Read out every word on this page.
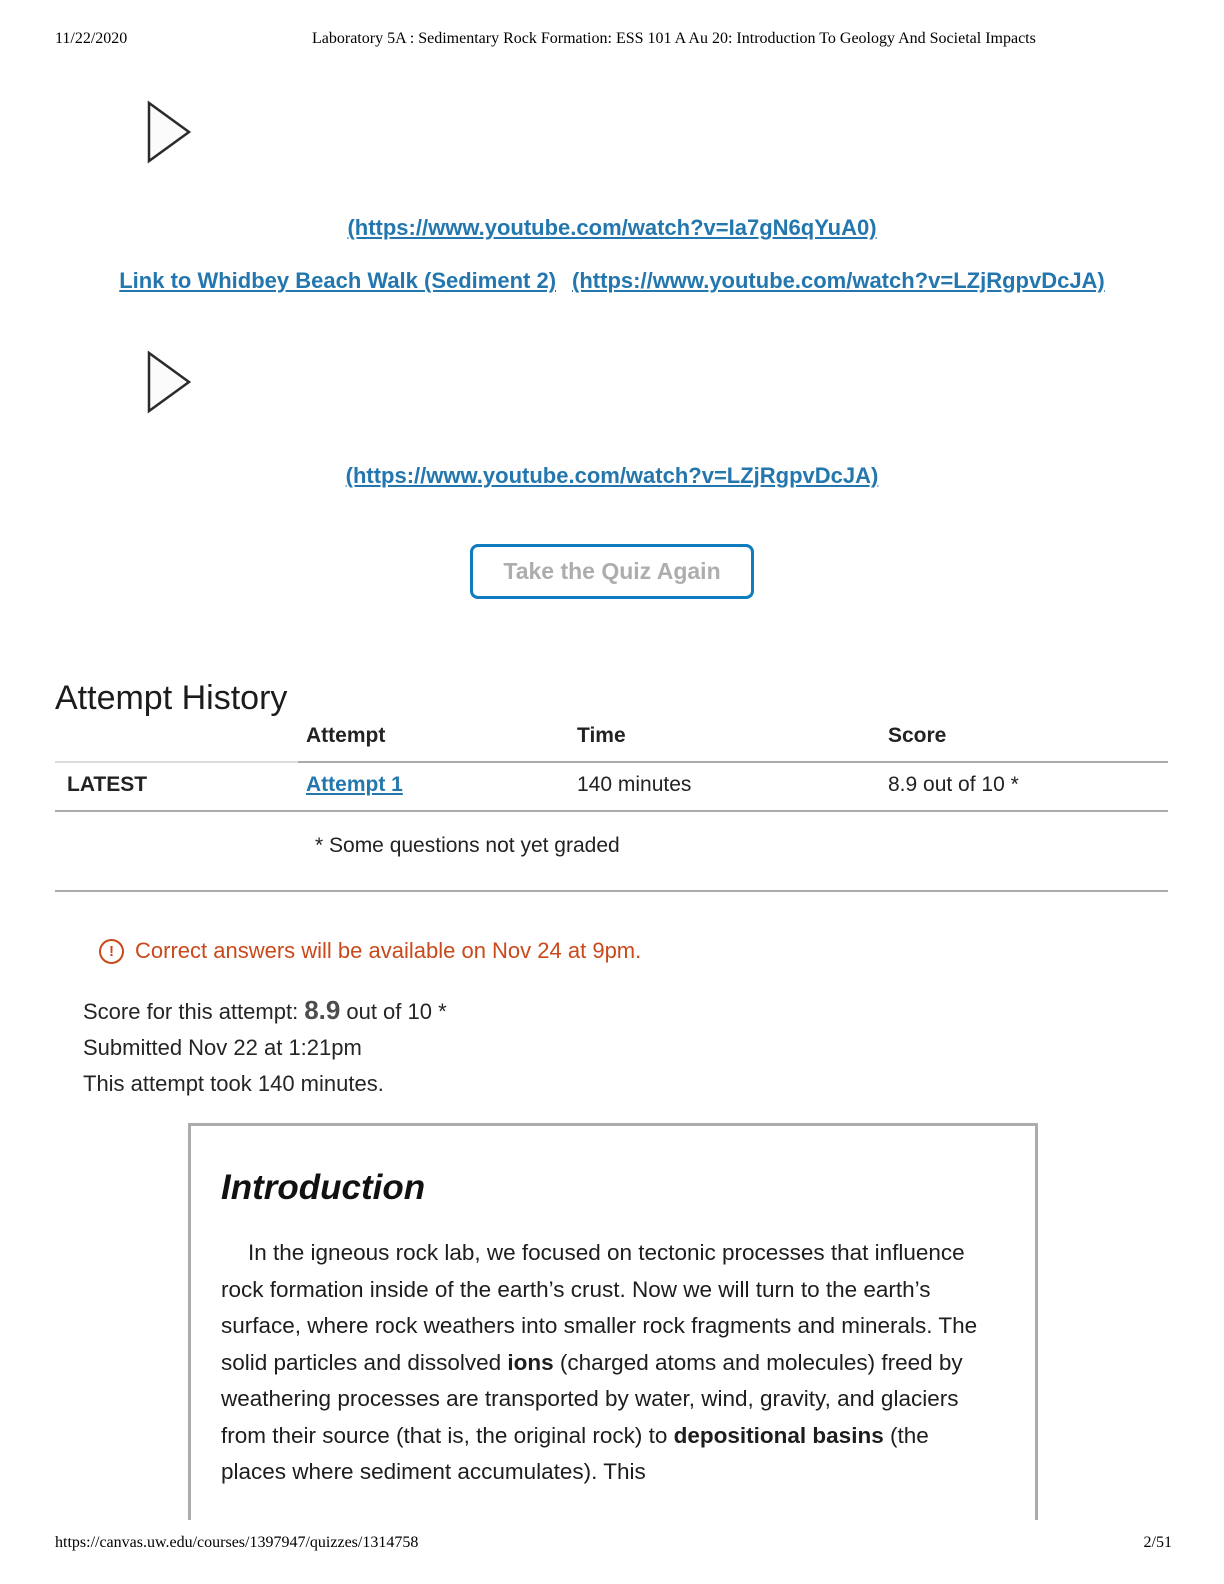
11/22/2020	Laboratory 5A : Sedimentary Rock Formation: ESS 101 A Au 20: Introduction To Geology And Societal Impacts
(https://www.youtube.com/watch?v=Ia7gN6qYuA0)
Link to Whidbey Beach Walk (Sediment 2) (https://www.youtube.com/watch?v=LZjRgpvDcJA)
(https://www.youtube.com/watch?v=LZjRgpvDcJA)
Take the Quiz Again
Attempt History
	Attempt	Time	Score
LATEST	Attempt 1	140 minutes	8.9 out of 10 *
* Some questions not yet graded			
! Correct answers will be available on Nov 24 at 9pm.
Score for this attempt: 8.9 out of 10 *
Submitted Nov 22 at 1:21pm
This attempt took 140 minutes.
Introduction

In the igneous rock lab, we focused on tectonic processes that influence rock formation inside of the earth’s crust. Now we will turn to the earth’s surface, where rock weathers into smaller rock fragments and minerals. The solid particles and dissolved ions (charged atoms and molecules) freed by weathering processes are transported by water, wind, gravity, and glaciers from their source (that is, the original rock) to depositional basins (the places where sediment accumulates). This

https://canvas.uw.edu/courses/1397947/quizzes/1314758	2/51
